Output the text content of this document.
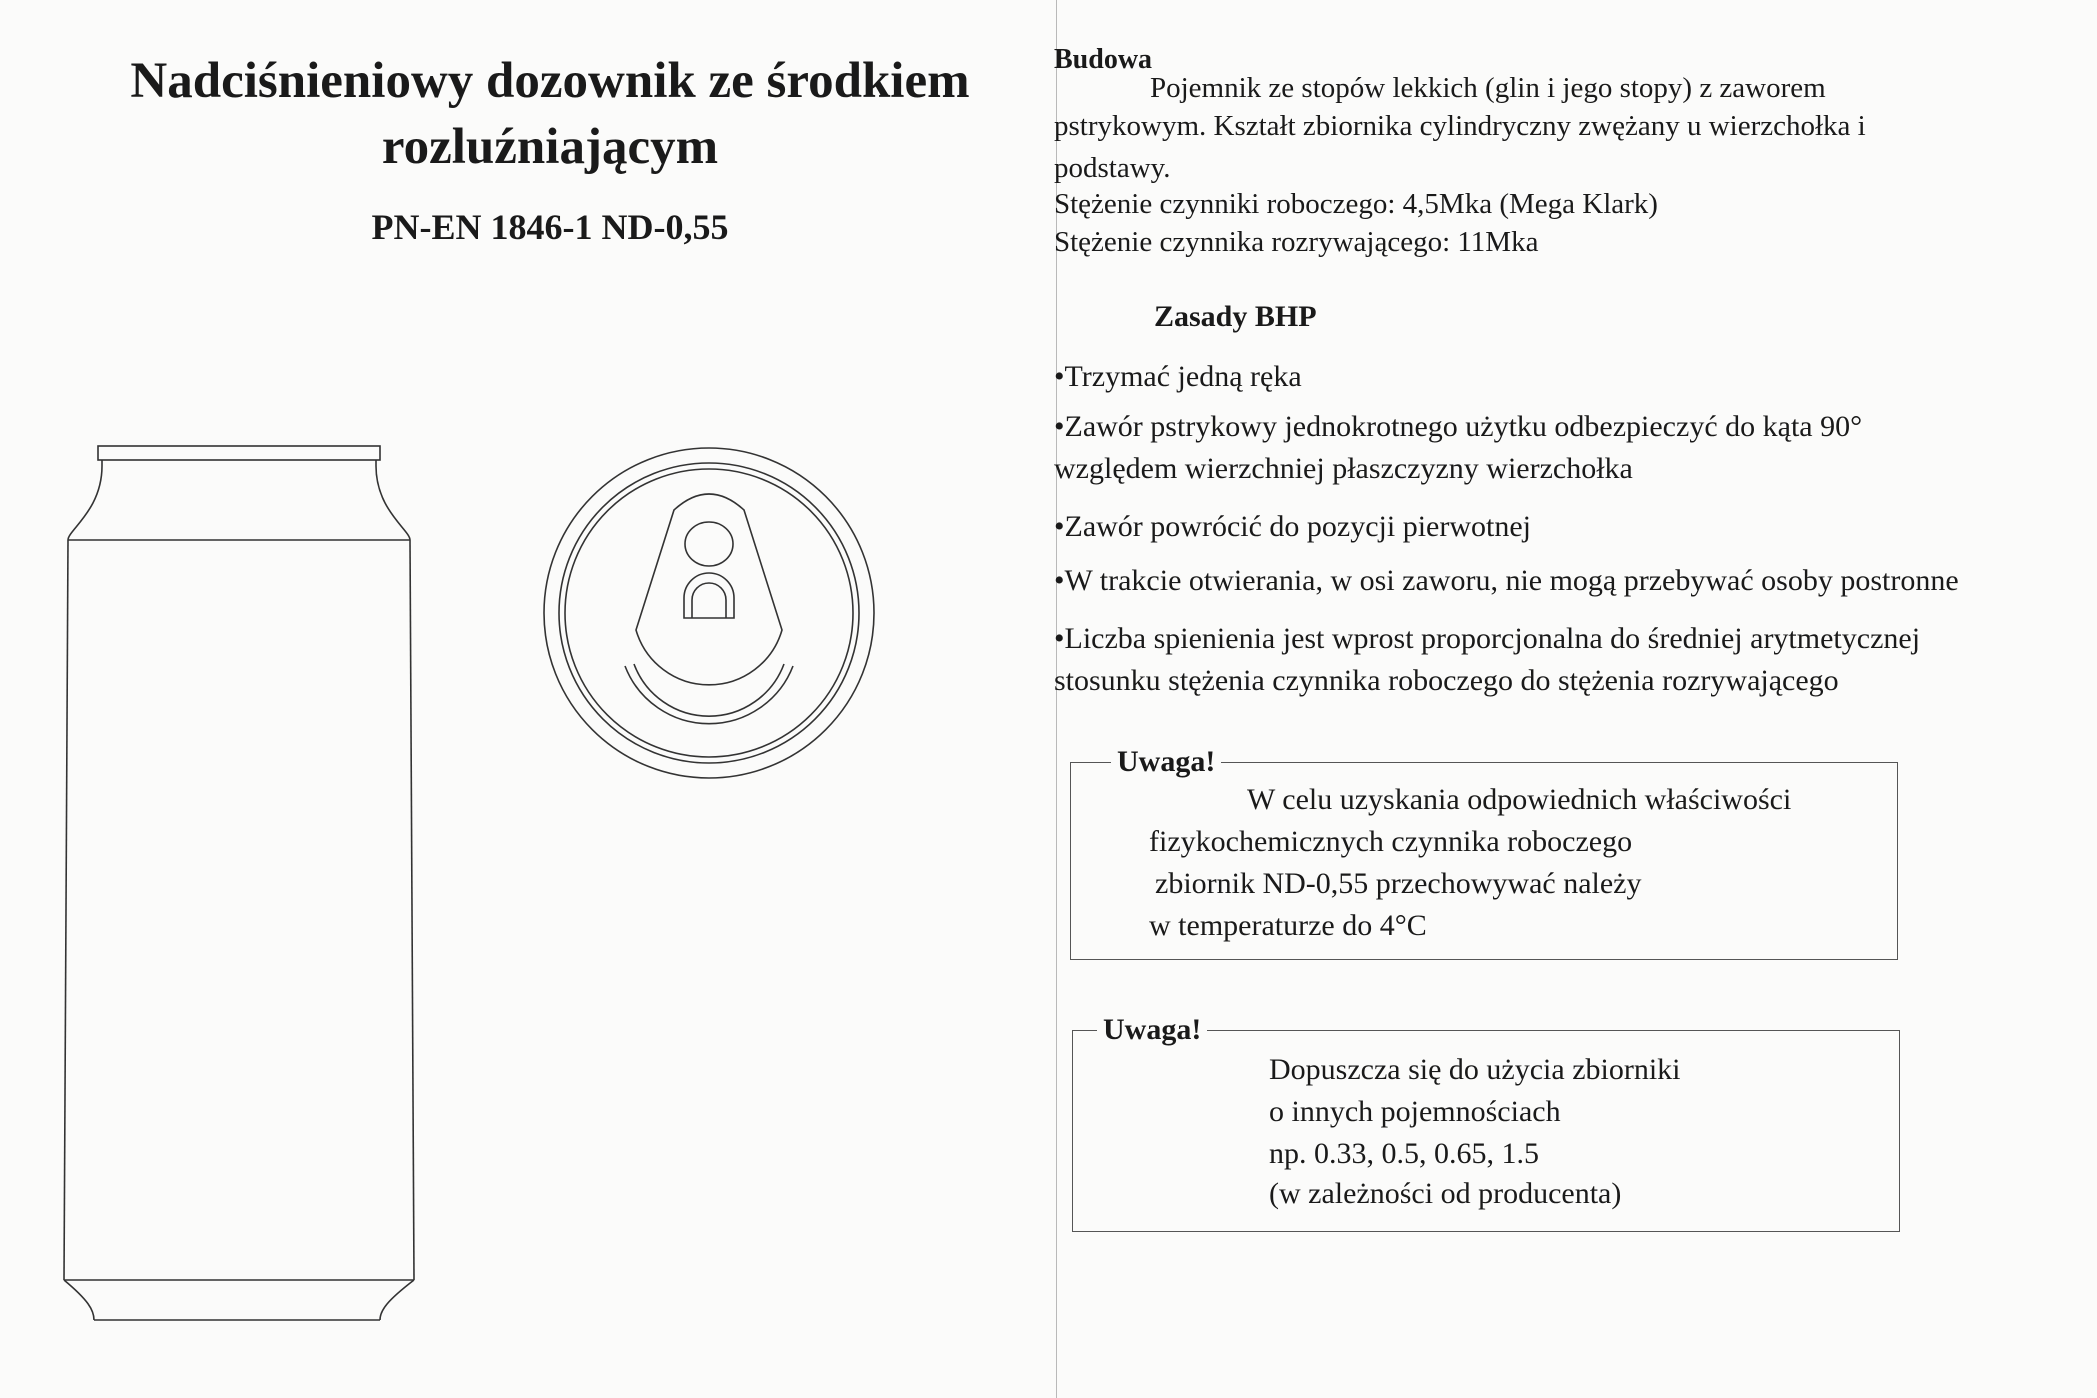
Nadciśnieniowy dozownik ze środkiem
rozluźniającym
PN-EN 1846-1 ND-0,55
Budowa
Pojemnik ze stopów lekkich (glin i jego stopy) z zaworem
pstrykowym. Kształt zbiornika cylindryczny zwężany u wierzchołka i
podstawy.
Stężenie czynniki roboczego: 4,5Mka (Mega Klark)
Stężenie czynnika rozrywającego: 11Mka
Zasady BHP
•Trzymać jedną ręka
•Zawór pstrykowy jednokrotnego użytku odbezpieczyć do kąta 90°
względem wierzchniej płaszczyzny wierzchołka
•Zawór powrócić do pozycji pierwotnej
•W trakcie otwierania, w osi zaworu, nie mogą przebywać osoby postronne
•Liczba spienienia jest wprost proporcjonalna do średniej arytmetycznej
stosunku stężenia czynnika roboczego do stężenia rozrywającego
Uwaga!
W celu uzyskania odpowiednich właściwości
fizykochemicznych czynnika roboczego
zbiornik ND-0,55 przechowywać należy
w temperaturze do 4°C
Uwaga!
Dopuszcza się do użycia zbiorniki
o innych pojemnościach
np. 0.33, 0.5, 0.65, 1.5
(w zależności od producenta)
